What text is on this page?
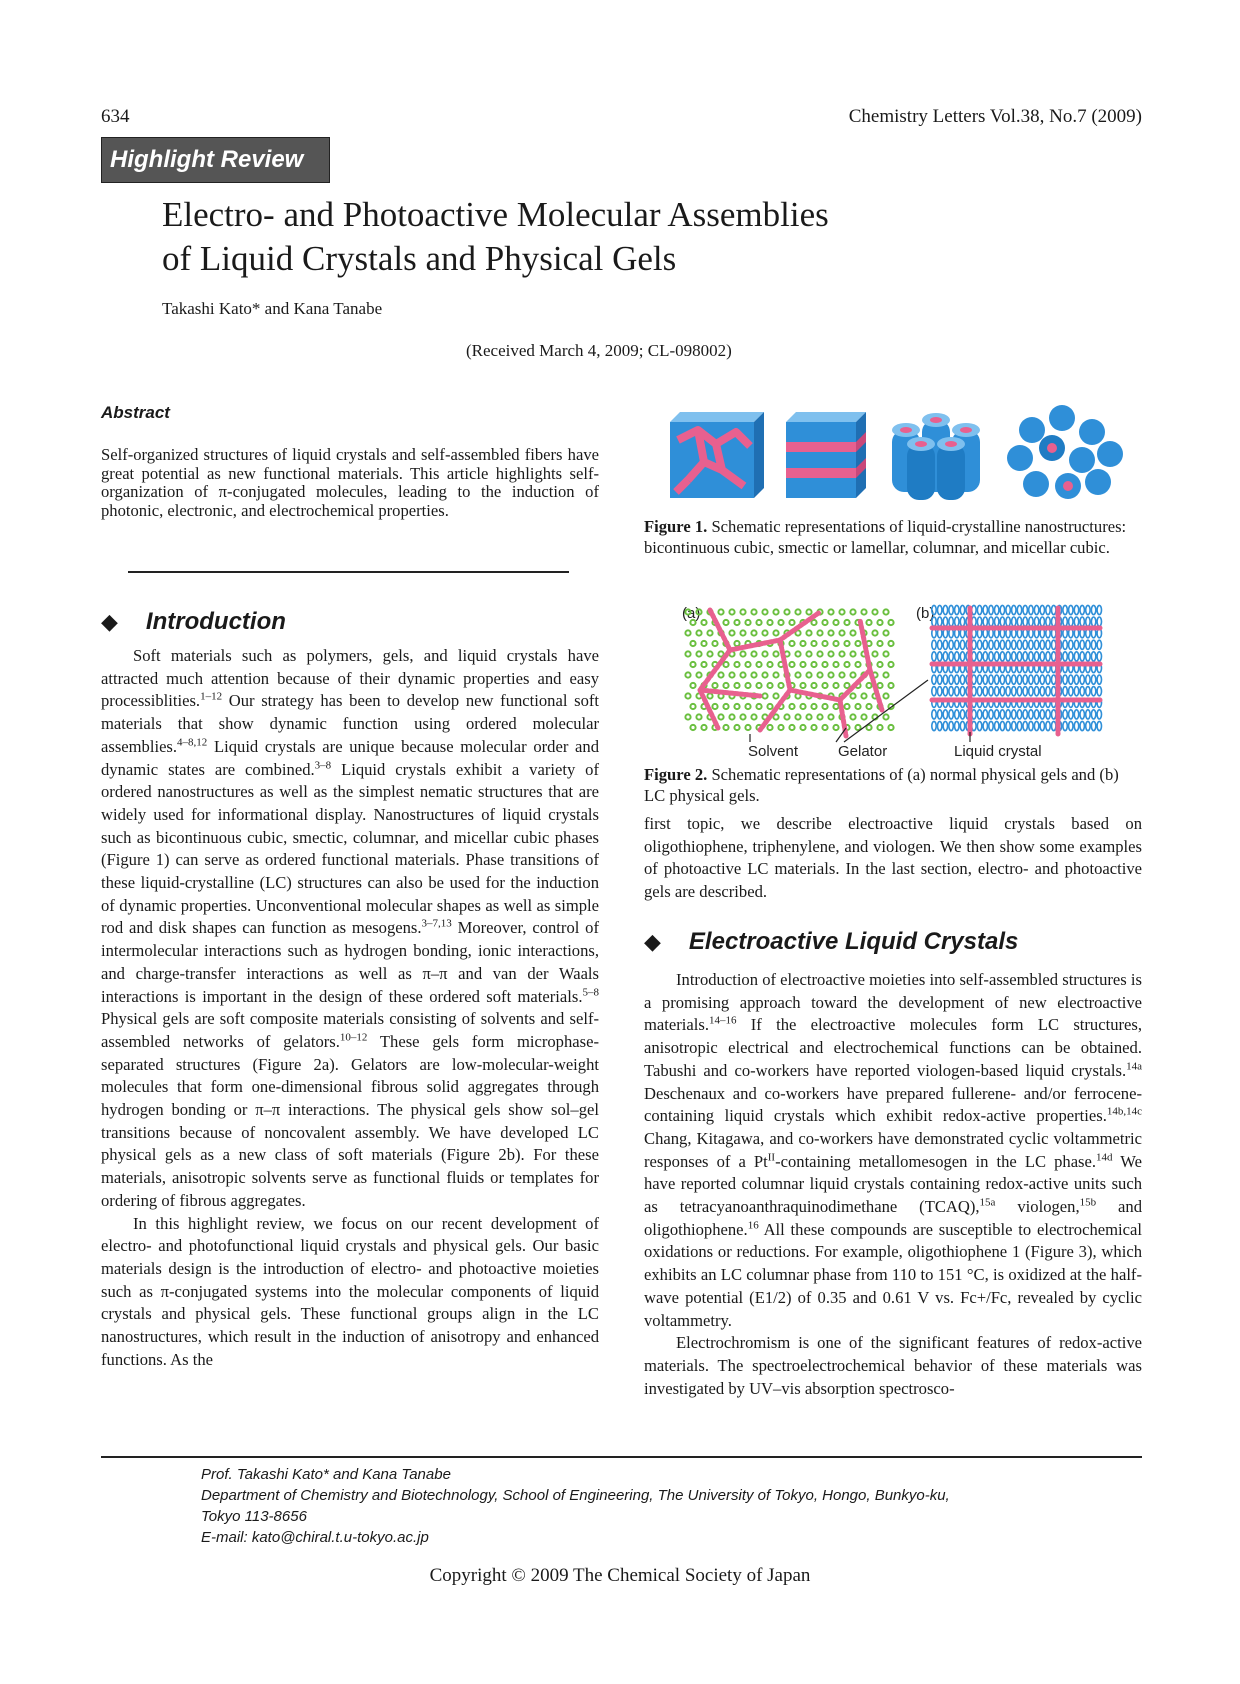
634	Chemistry Letters Vol.38, No.7 (2009)
Highlight Review
Electro- and Photoactive Molecular Assemblies
of Liquid Crystals and Physical Gels
Takashi Kato* and Kana Tanabe
(Received March 4, 2009; CL-098002)
Abstract
Self-organized structures of liquid crystals and self-assembled fibers have great potential as new functional materials. This article highlights self-organization of π-conjugated molecules, leading to the induction of photonic, electronic, and electrochemical properties.
◆ Introduction

Soft materials such as polymers, gels, and liquid crystals have attracted much attention because of their dynamic properties and easy processiblities.$^{1-12}$ Our strategy has been to develop new functional soft materials that show dynamic function using ordered molecular assemblies.$^{4-8,12}$ Liquid crystals are unique because molecular order and dynamic states are combined.$^{3-8}$ Liquid crystals exhibit a variety of ordered nanostructures as well as the simplest nematic structures that are widely used for informational display. Nanostructures of liquid crystals such as bicontinuous cubic, smectic, columnar, and micellar cubic phases (Figure 1) can serve as ordered functional materials. Phase transitions of these liquid-crystalline (LC) structures can also be used for the induction of dynamic properties. Unconventional molecular shapes as well as simple rod and disk shapes can function as mesogens.$^{3-7,13}$ Moreover, control of intermolecular interactions such as hydrogen bonding, ionic interactions, and charge-transfer interactions as well as π–π and van der Waals interactions is important in the design of these ordered soft materials.$^{5-8}$ Physical gels are soft composite materials consisting of solvents and self-assembled networks of gelators.$^{10-12}$ These gels form microphase-separated structures (Figure 2a). Gelators are low-molecular-weight molecules that form one-dimensional fibrous solid aggregates through hydrogen bonding or π–π interactions. The physical gels show sol–gel transitions because of noncovalent assembly. We have developed LC physical gels as a new class of soft materials (Figure 2b). For these materials, anisotropic solvents serve as functional fluids or templates for ordering of fibrous aggregates.

In this highlight review, we focus on our recent development of electro- and photofunctional liquid crystals and physical gels. Our basic materials design is the introduction of electro- and photoactive moieties such as π-conjugated systems into the molecular components of liquid crystals and physical gels. These functional groups align in the LC nanostructures, which result in the induction of anisotropy and enhanced functions. As the

Figure 1. Schematic representations of liquid-crystalline nanostructures: bicontinuous cubic, smectic or lamellar, columnar, and micellar cubic.
(a)	(b)
Solvent	Gelator	Liquid crystal
Figure 2. Schematic representations of (a) normal physical gels and (b) LC physical gels.

first topic, we describe electroactive liquid crystals based on oligothiophene, triphenylene, and viologen. We then show some examples of photoactive LC materials. In the last section, electro- and photoactive gels are described.

◆ Electroactive Liquid Crystals

Introduction of electroactive moieties into self-assembled structures is a promising approach toward the development of new electroactive materials.$^{14-16}$ If the electroactive molecules form LC structures, anisotropic electrical and electrochemical functions can be obtained. Tabushi and co-workers have reported viologen-based liquid crystals.$^{14a}$ Deschenaux and co-workers have prepared fullerene- and/or ferrocene-containing liquid crystals which exhibit redox-active properties.$^{14b,14c}$ Chang, Kitagawa, and co-workers have demonstrated cyclic voltammetric responses of a $Pt^{II}$-containing metallomesogen in the LC phase.$^{14d}$ We have reported columnar liquid crystals containing redox-active units such as tetracyanoanthraquinodimethane (TCAQ),$^{15a}$ viologen,$^{15b}$ and oligothiophene.$^{16}$ All these compounds are susceptible to electrochemical oxidations or reductions. For example, oligothiophene 1 (Figure 3), which exhibits an LC columnar phase from 110 to 151 °C, is oxidized at the half-wave potential (E1/2) of 0.35 and 0.61 V vs. Fc+/Fc, revealed by cyclic voltammetry.

Electrochromism is one of the significant features of redox-active materials. The spectroelectrochemical behavior of these materials was investigated by UV–vis absorption spectrosco-

Prof. Takashi Kato* and Kana Tanabe
Department of Chemistry and Biotechnology, School of Engineering, The University of Tokyo, Hongo, Bunkyo-ku,
Tokyo 113-8656
E-mail: kato@chiral.t.u-tokyo.ac.jp
Copyright © 2009 The Chemical Society of Japan
